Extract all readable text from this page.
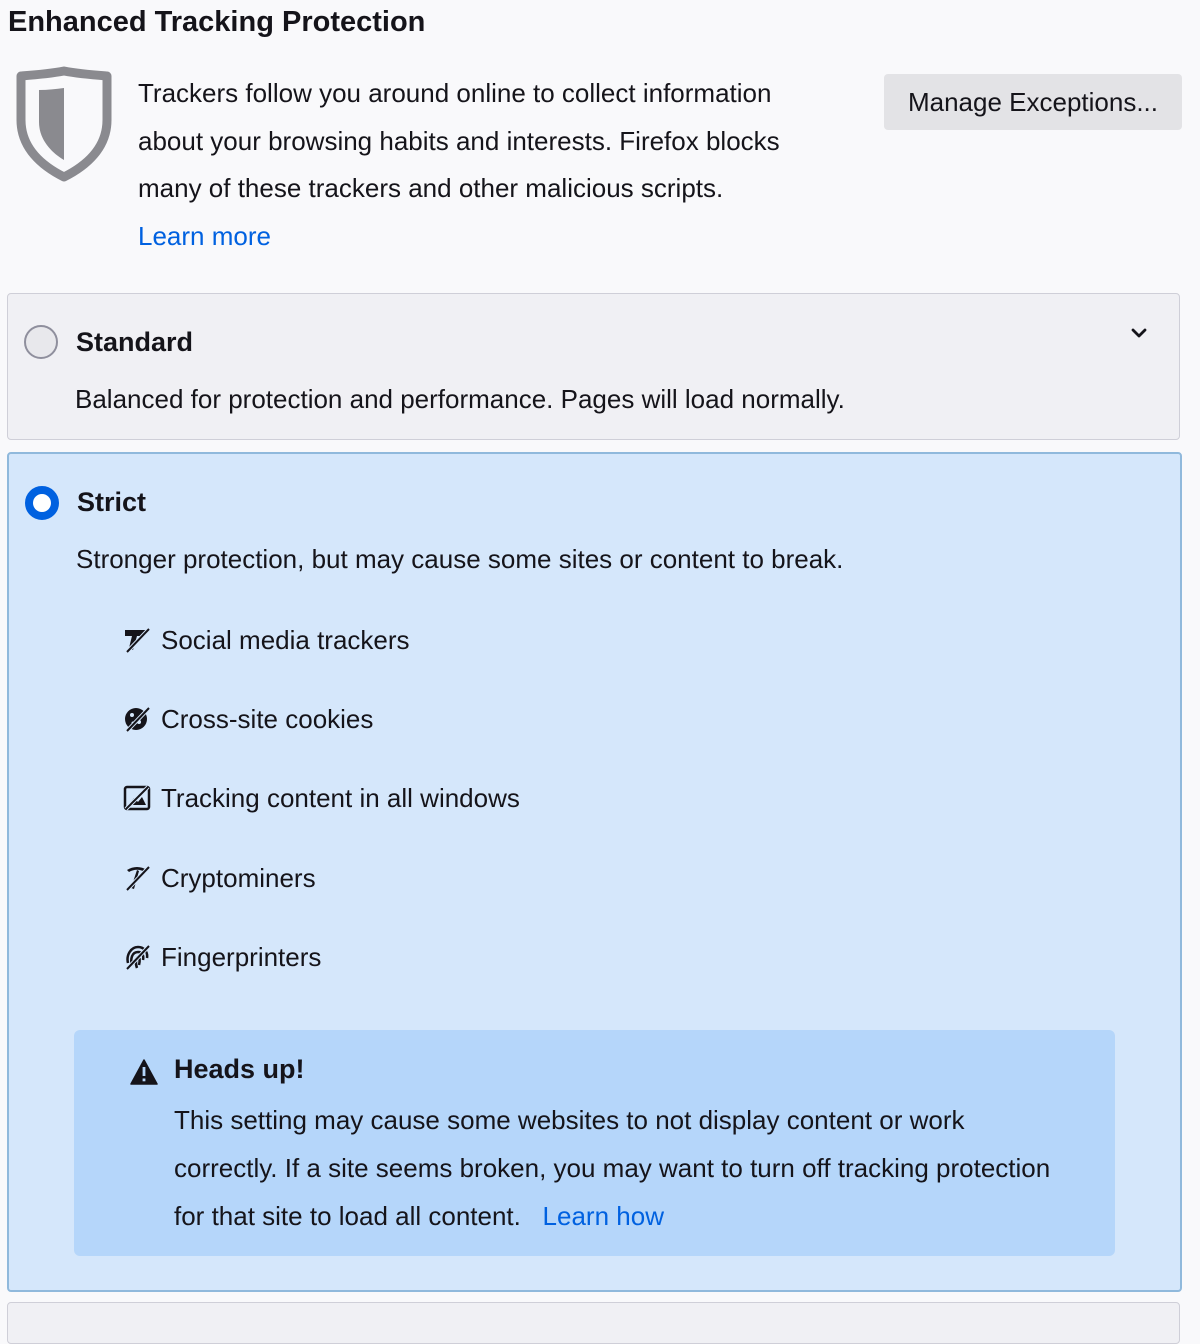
Enhanced Tracking Protection
Trackers follow you around online to collect information about your browsing habits and interests. Firefox blocks many of these trackers and other malicious scripts.
Learn more
Manage Exceptions...
Standard
Balanced for protection and performance. Pages will load normally.
Strict
Stronger protection, but may cause some sites or content to break.
Social media trackers
Cross-site cookies
Tracking content in all windows
Cryptominers
Fingerprinters
Heads up!
This setting may cause some websites to not display content or work correctly. If a site seems broken, you may want to turn off tracking protection for that site to load all content. Learn how
